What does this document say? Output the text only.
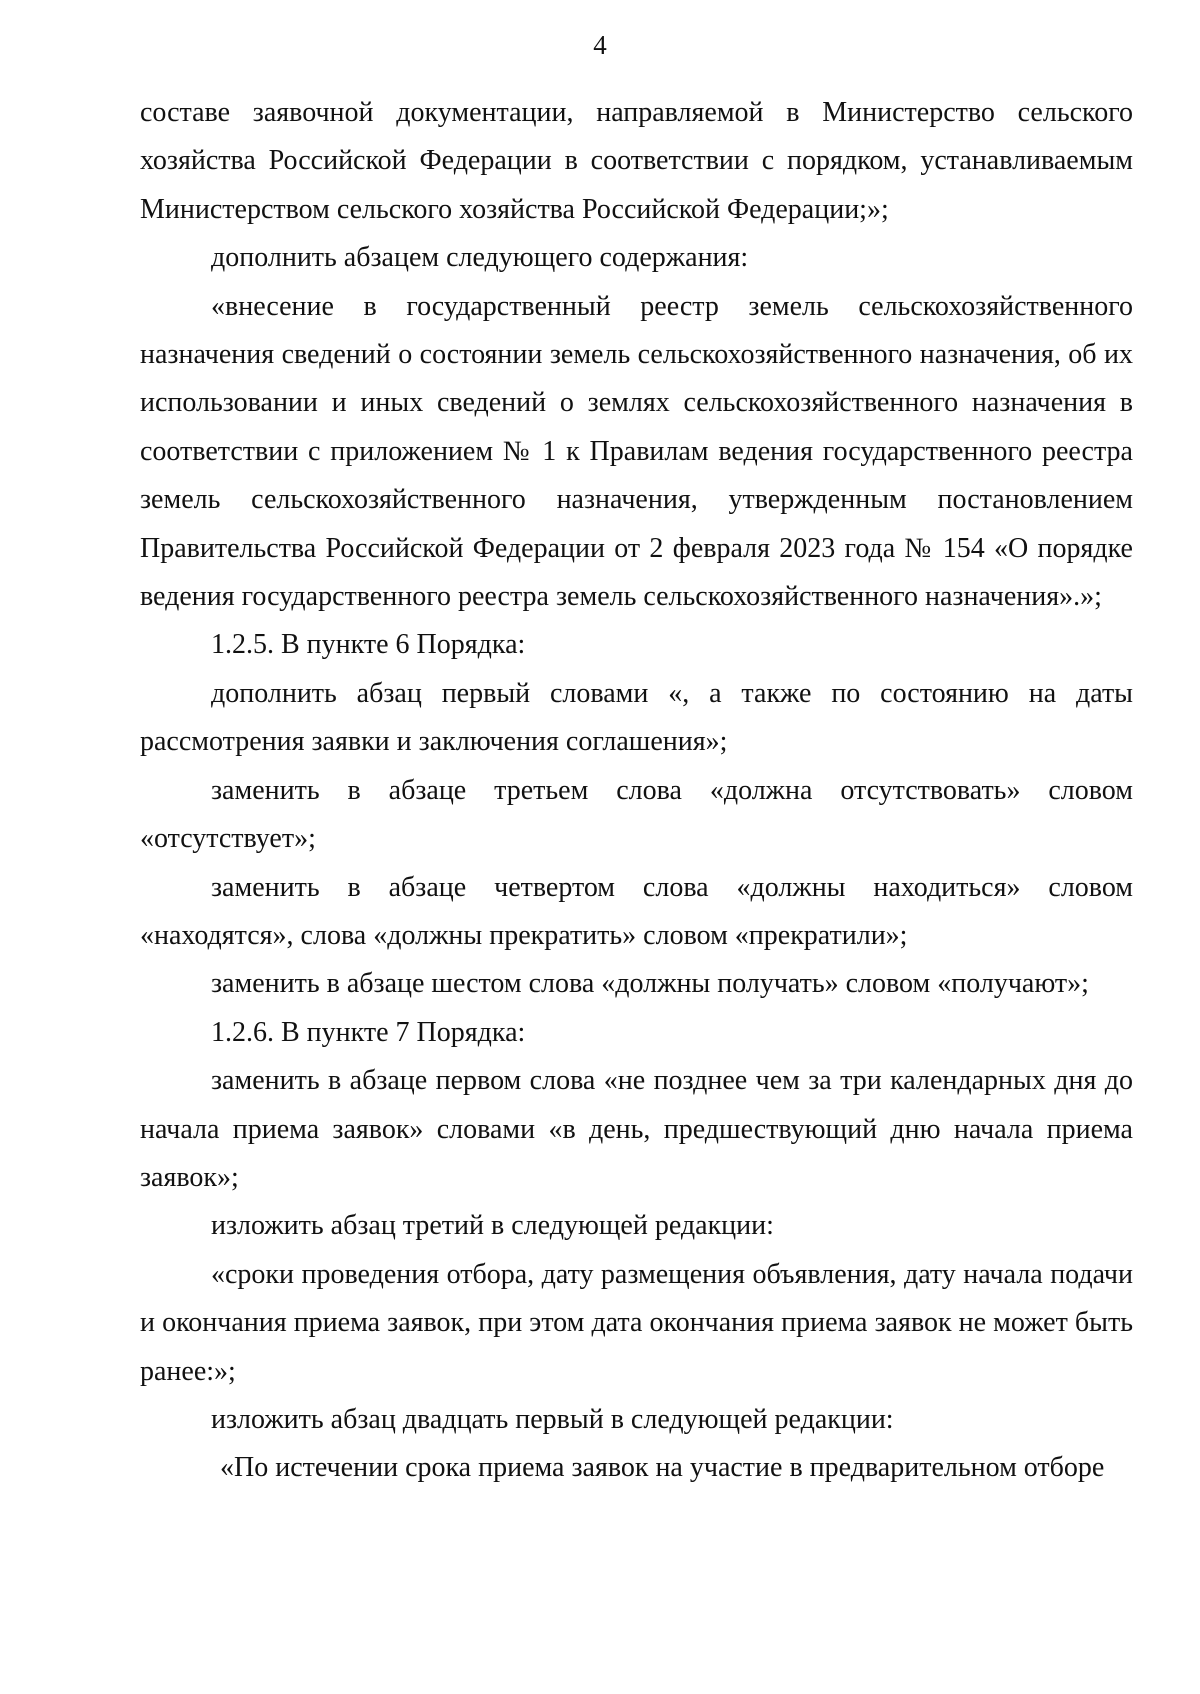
4

составе заявочной документации, направляемой в Министерство сельского хозяйства Российской Федерации в соответствии с порядком, устанавливаемым Министерством сельского хозяйства Российской Федерации;»;

дополнить абзацем следующего содержания:

«внесение в государственный реестр земель сельскохозяйственного назначения сведений о состоянии земель сельскохозяйственного назначения, об их использовании и иных сведений о землях сельскохозяйственного назначения в соответствии с приложением № 1 к Правилам ведения государственного реестра земель сельскохозяйственного назначения, утвержденным постановлением Правительства Российской Федерации от 2 февраля 2023 года № 154 «О порядке ведения государственного реестра земель сельскохозяйственного назначения».»;

1.2.5. В пункте 6 Порядка:

дополнить абзац первый словами «, а также по состоянию на даты рассмотрения заявки и заключения соглашения»;

заменить в абзаце третьем слова «должна отсутствовать» словом «отсутствует»;

заменить в абзаце четвертом слова «должны находиться» словом «находятся», слова «должны прекратить» словом «прекратили»;

заменить в абзаце шестом слова «должны получать» словом «получают»;

1.2.6. В пункте 7 Порядка:

заменить в абзаце первом слова «не позднее чем за три календарных дня до начала приема заявок» словами «в день, предшествующий дню начала приема заявок»;

изложить абзац третий в следующей редакции:

«сроки проведения отбора, дату размещения объявления, дату начала подачи и окончания приема заявок, при этом дата окончания приема заявок не может быть ранее:»;

изложить абзац двадцать первый в следующей редакции:

«По истечении срока приема заявок на участие в предварительном отборе
